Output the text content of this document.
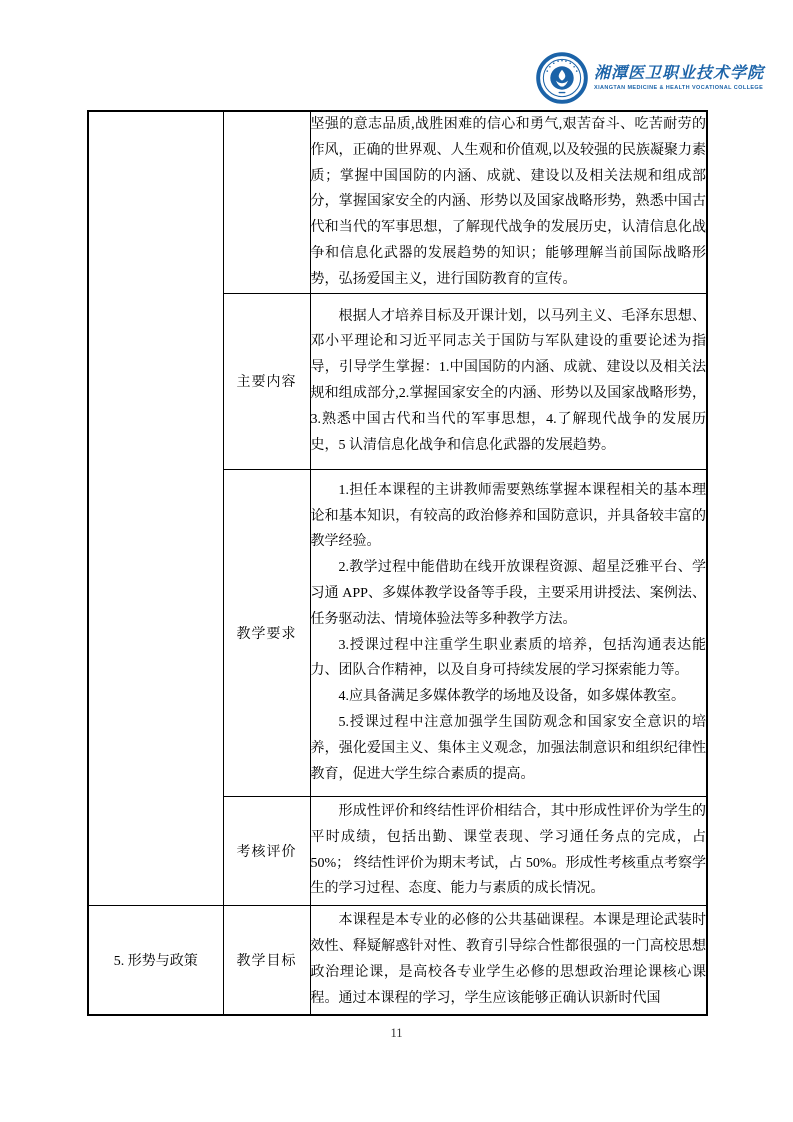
湘潭医卫职业技术学院
XIANGTAN MEDICINE & HEALTH VOCATIONAL COLLEGE

		坚强的意志品质,战胜困难的信心和勇气,艰苦奋斗、吃苦耐劳的作风，正确的世界观、人生观和价值观,以及较强的民族凝聚力素质；掌握中国国防的内涵、成就、建设以及相关法规和组成部分，掌握国家安全的内涵、形势以及国家战略形势，熟悉中国古代和当代的军事思想，了解现代战争的发展历史，认清信息化战争和信息化武器的发展趋势的知识；能够理解当前国际战略形势，弘扬爱国主义，进行国防教育的宣传。

	主要内容	根据人才培养目标及开课计划，以马列主义、毛泽东思想、邓小平理论和习近平同志关于国防与军队建设的重要论述为指导，引导学生掌握：1.中国国防的内涵、成就、建设以及相关法规和组成部分,2.掌握国家安全的内涵、形势以及国家战略形势，3.熟悉中国古代和当代的军事思想，4.了解现代战争的发展历史，5 认清信息化战争和信息化武器的发展趋势。

	教学要求	1.担任本课程的主讲教师需要熟练掌握本课程相关的基本理论和基本知识，有较高的政治修养和国防意识，并具备较丰富的教学经验。

2.教学过程中能借助在线开放课程资源、超星泛雅平台、学习通 APP、多媒体教学设备等手段，主要采用讲授法、案例法、任务驱动法、情境体验法等多种教学方法。

3.授课过程中注重学生职业素质的培养，包括沟通表达能力、团队合作精神，以及自身可持续发展的学习探索能力等。

4.应具备满足多媒体教学的场地及设备，如多媒体教室。

5.授课过程中注意加强学生国防观念和国家安全意识的培养，强化爱国主义、集体主义观念，加强法制意识和组织纪律性教育，促进大学生综合素质的提高。

	考核评价	形成性评价和终结性评价相结合，其中形成性评价为学生的平时成绩，包括出勤、课堂表现、学习通任务点的完成，占50%； 终结性评价为期末考试，占 50%。形成性考核重点考察学生的学习过程、态度、能力与素质的成长情况。

5. 形势与政策	教学目标	本课程是本专业的必修的公共基础课程。本课是理论武装时效性、释疑解惑针对性、教育引导综合性都很强的一门高校思想政治理论课，是高校各专业学生必修的思想政治理论课核心课程。通过本课程的学习，学生应该能够正确认识新时代国

11
